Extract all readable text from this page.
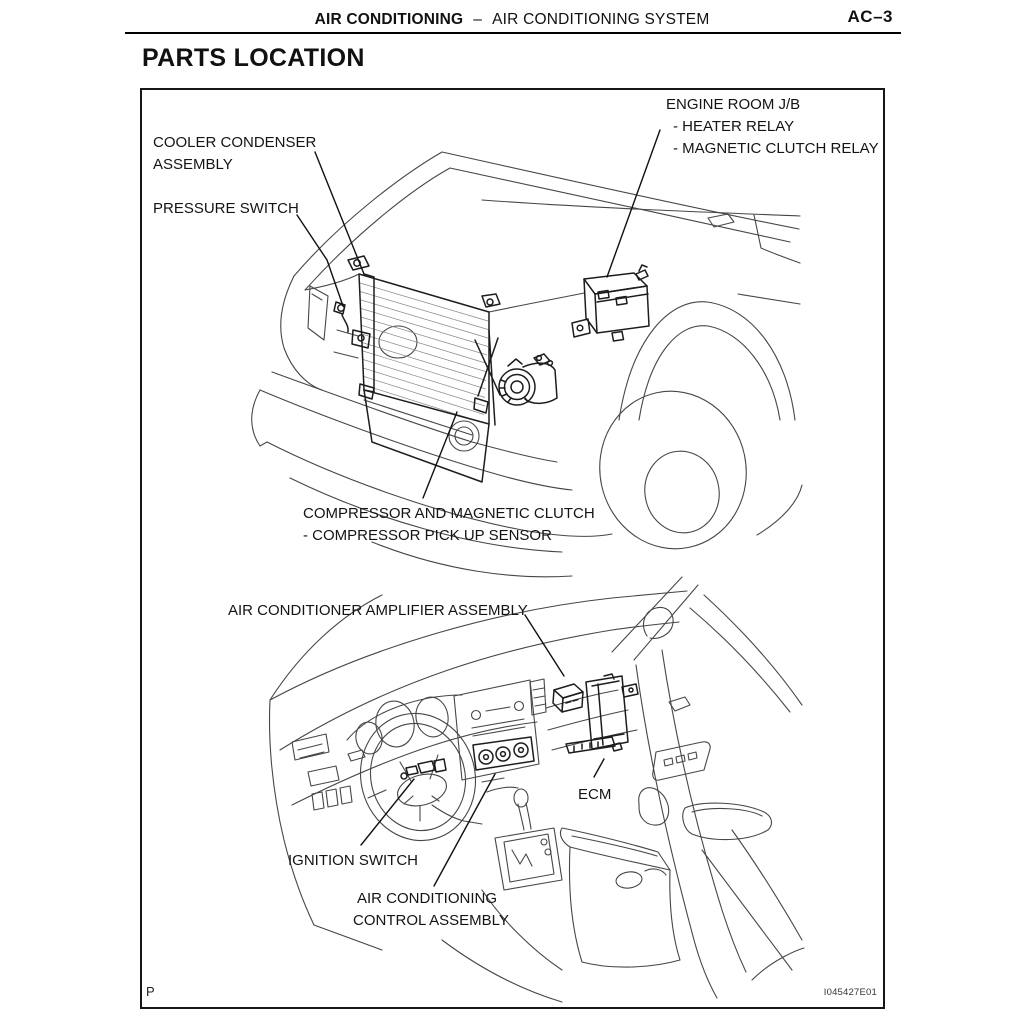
AIR CONDITIONING – AIR CONDITIONING SYSTEM	AC–3
PARTS LOCATION
ENGINE ROOM J/B
- HEATER RELAY
- MAGNETIC CLUTCH RELAY
COOLER CONDENSER
ASSEMBLY
PRESSURE SWITCH
COMPRESSOR AND MAGNETIC CLUTCH
- COMPRESSOR PICK UP SENSOR
AIR CONDITIONER AMPLIFIER ASSEMBLY
ECM
IGNITION SWITCH
AIR CONDITIONING
CONTROL ASSEMBLY
P	I045427E01
